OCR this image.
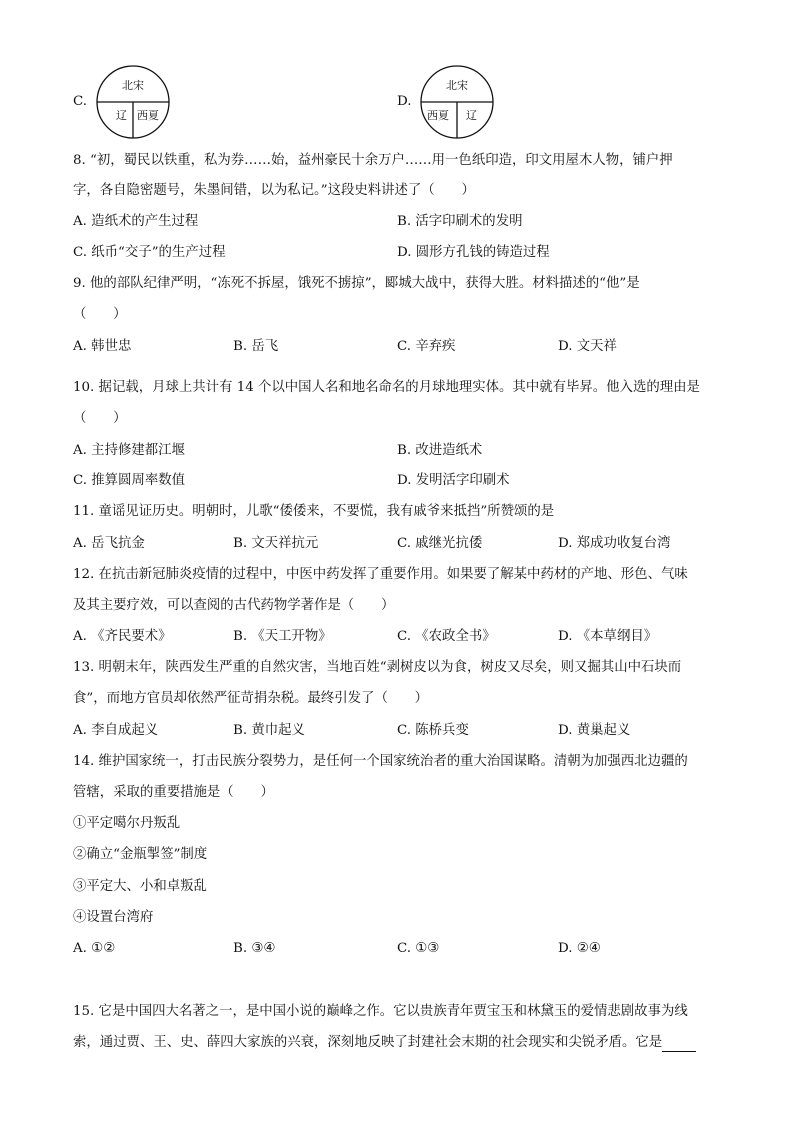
C.
北宋
辽 西夏
D.
北宋
西夏 辽
8. “初，蜀民以铁重，私为券……始，益州豪民十余万户……用一色纸印造，印文用屋木人物，铺户押
字，各自隐密题号，朱墨间错，以为私记。”这段史料讲述了（　　）
A. 造纸术的产生过程	B. 活字印刷术的发明
C. 纸币“交子”的生产过程	D. 圆形方孔钱的铸造过程
9. 他的部队纪律严明，“冻死不拆屋，饿死不掳掠”，郾城大战中，获得大胜。材料描述的“他”是
（　　）
A. 韩世忠	B. 岳飞	C. 辛弃疾	D. 文天祥
10. 据记载，月球上共计有 14 个以中国人名和地名命名的月球地理实体。其中就有毕昇。他入选的理由是
（　　）
A. 主持修建都江堰	B. 改进造纸术
C. 推算圆周率数值	D. 发明活字印刷术
11. 童谣见证历史。明朝时，儿歌“倭倭来，不要慌，我有戚爷来抵挡”所赞颂的是
A. 岳飞抗金	B. 文天祥抗元	C. 戚继光抗倭	D. 郑成功收复台湾
12. 在抗击新冠肺炎疫情的过程中，中医中药发挥了重要作用。如果要了解某中药材的产地、形色、气味
及其主要疗效，可以查阅的古代药物学著作是（　　）
A. 《齐民要术》	B. 《天工开物》	C. 《农政全书》	D. 《本草纲目》
13. 明朝末年，陕西发生严重的自然灾害，当地百姓“剥树皮以为食，树皮又尽矣，则又掘其山中石块而
食”，而地方官员却依然严征苛捐杂税。最终引发了（　　）
A. 李自成起义	B. 黄巾起义	C. 陈桥兵变	D. 黄巢起义
14. 维护国家统一，打击民族分裂势力，是任何一个国家统治者的重大治国谋略。清朝为加强西北边疆的
管辖，采取的重要措施是（　　）
①平定噶尔丹叛乱
②确立“金瓶掣签”制度
③平定大、小和卓叛乱
④设置台湾府
A. ①②	B. ③④	C. ①③	D. ②④
15. 它是中国四大名著之一，是中国小说的巅峰之作。它以贵族青年贾宝玉和林黛玉的爱情悲剧故事为线
索，通过贾、王、史、薛四大家族的兴衰，深刻地反映了封建社会末期的社会现实和尖锐矛盾。它是
